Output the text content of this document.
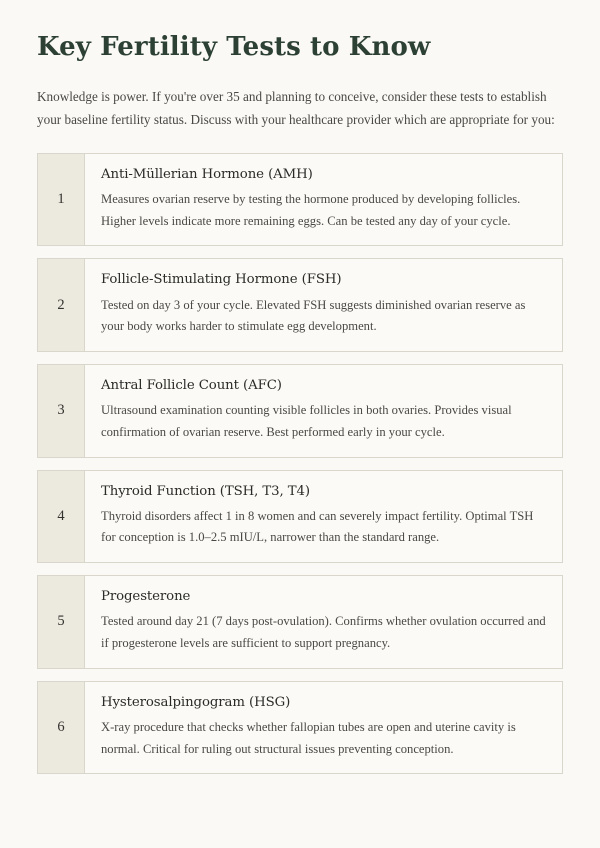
Key Fertility Tests to Know

Knowledge is power. If you're over 35 and planning to conceive, consider these tests to establish your baseline fertility status. Discuss with your healthcare provider which are appropriate for you:

1
Anti-Müllerian Hormone (AMH)

Measures ovarian reserve by testing the hormone produced by developing follicles. Higher levels indicate more remaining eggs. Can be tested any day of your cycle.

2
Follicle-Stimulating Hormone (FSH)

Tested on day 3 of your cycle. Elevated FSH suggests diminished ovarian reserve as your body works harder to stimulate egg development.

3
Antral Follicle Count (AFC)

Ultrasound examination counting visible follicles in both ovaries. Provides visual confirmation of ovarian reserve. Best performed early in your cycle.

4
Thyroid Function (TSH, T3, T4)

Thyroid disorders affect 1 in 8 women and can severely impact fertility. Optimal TSH for conception is 1.0–2.5 mIU/L, narrower than the standard range.

5
Progesterone

Tested around day 21 (7 days post-ovulation). Confirms whether ovulation occurred and if progesterone levels are sufficient to support pregnancy.

6
Hysterosalpingogram (HSG)

X-ray procedure that checks whether fallopian tubes are open and uterine cavity is normal. Critical for ruling out structural issues preventing conception.
